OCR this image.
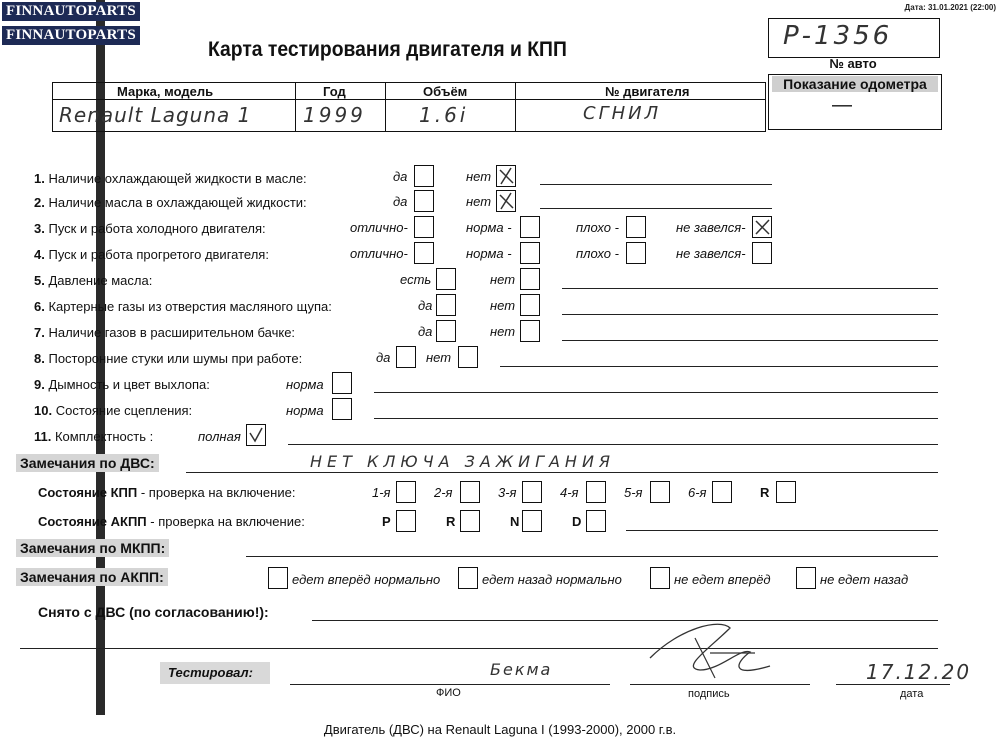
FINNAUTOPARTS
FINNAUTOPARTS
Дата: 31.01.2021 (22:00)
Карта тестирования двигателя и КПП	Р-1356
№ авто
Показание одометра
—
Марка, модель	Год	Объём	№ двигателя
Renault Laguna 1	1999	1.6i	СГНИЛ
1. Наличие охлаждающей жидкости в масле:	да	нет
2. Наличие масла в охлаждающей жидкости:	да	нет
3. Пуск и работа холодного двигателя:	отлично-	норма -	плохо -	не завелся-
4. Пуск и работа прогретого двигателя:	отлично-	норма -	плохо -	не завелся-
5. Давление масла:	есть	нет
6. Картерные газы из отверстия масляного щупа:	да	нет
7. Наличие газов в расширительном бачке:	да	нет
8. Посторонние стуки или шумы при работе:	да	нет
9. Дымность и цвет выхлопа:	норма
10. Состояние сцепления:	норма
11. Комплектность :	полная
Замечания по ДВС:	НЕТ КЛЮЧА ЗАЖИГАНИЯ
Состояние КПП - проверка на включение:	1-я	2-я	3-я	4-я	5-я	6-я	R
Состояние АКПП - проверка на включение:	P	R	N	D
Замечания по МКПП:
Замечания по АКПП:	едет вперёд нормально	едет назад нормально	не едет вперёд	не едет назад
Снято с ДВС (по согласованию!):
Тестировал:	Бекма	17.12.20
ФИО	подпись	дата
Двигатель (ДВС) на Renault Laguna I (1993-2000), 2000 г.в.
